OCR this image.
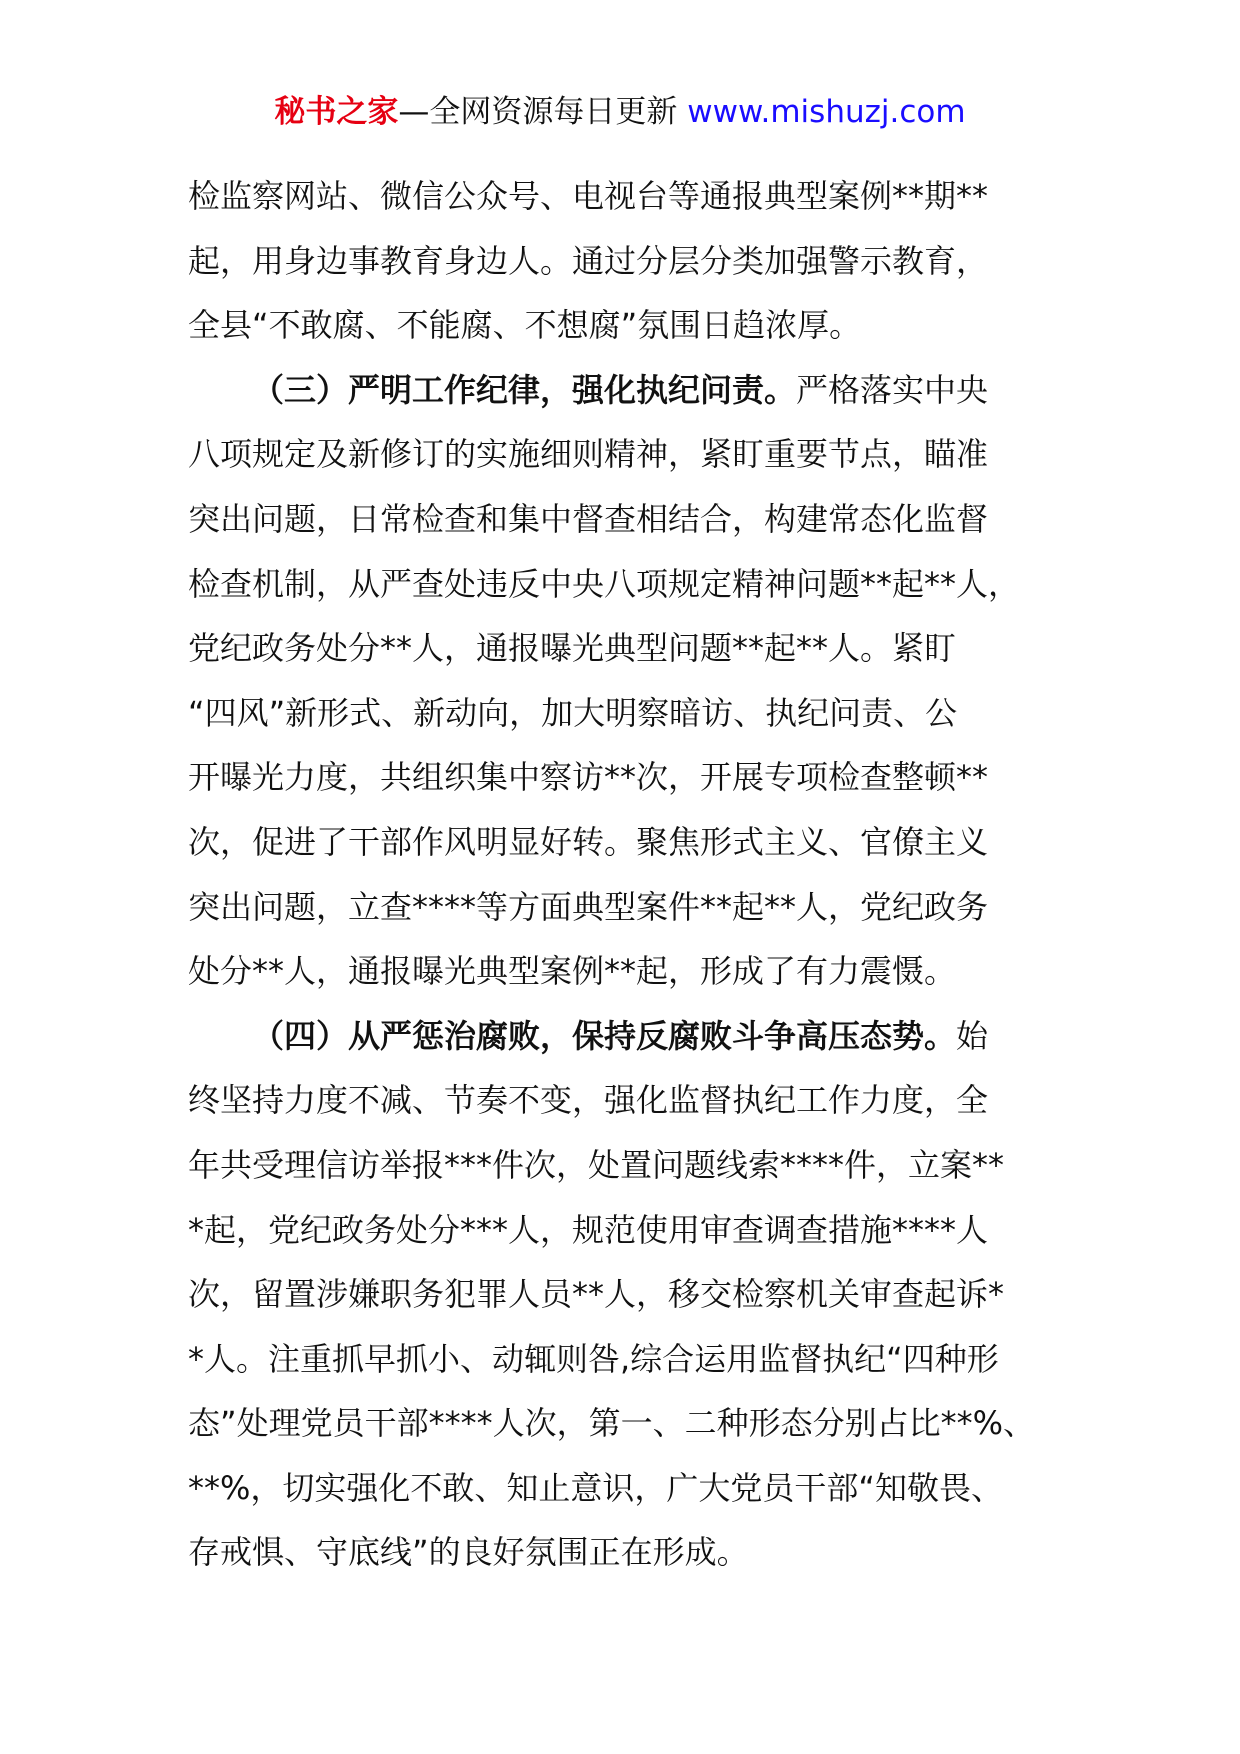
秘书之家—全网资源每日更新 www.mishuzj.com
检监察网站、微信公众号、电视台等通报典型案例**期**
起，用身边事教育身边人。通过分层分类加强警示教育，
全县“不敢腐、不能腐、不想腐”氛围日趋浓厚。
（三）严明工作纪律，强化执纪问责。严格落实中央
八项规定及新修订的实施细则精神，紧盯重要节点，瞄准
突出问题，日常检查和集中督查相结合，构建常态化监督
检查机制，从严查处违反中央八项规定精神问题**起**人，
党纪政务处分**人，通报曝光典型问题**起**人。紧盯
“四风”新形式、新动向，加大明察暗访、执纪问责、公
开曝光力度，共组织集中察访**次，开展专项检查整顿**
次，促进了干部作风明显好转。聚焦形式主义、官僚主义
突出问题，立查****等方面典型案件**起**人，党纪政务
处分**人，通报曝光典型案例**起，形成了有力震慑。
（四）从严惩治腐败，保持反腐败斗争高压态势。始
终坚持力度不减、节奏不变，强化监督执纪工作力度，全
年共受理信访举报***件次，处置问题线索****件，立案**
*起，党纪政务处分***人，规范使用审查调查措施****人
次，留置涉嫌职务犯罪人员**人，移交检察机关审查起诉*
*人。注重抓早抓小、动辄则咎,综合运用监督执纪“四种形
态”处理党员干部****人次，第一、二种形态分别占比**%、
**%，切实强化不敢、知止意识，广大党员干部“知敬畏、
存戒惧、守底线”的良好氛围正在形成。
